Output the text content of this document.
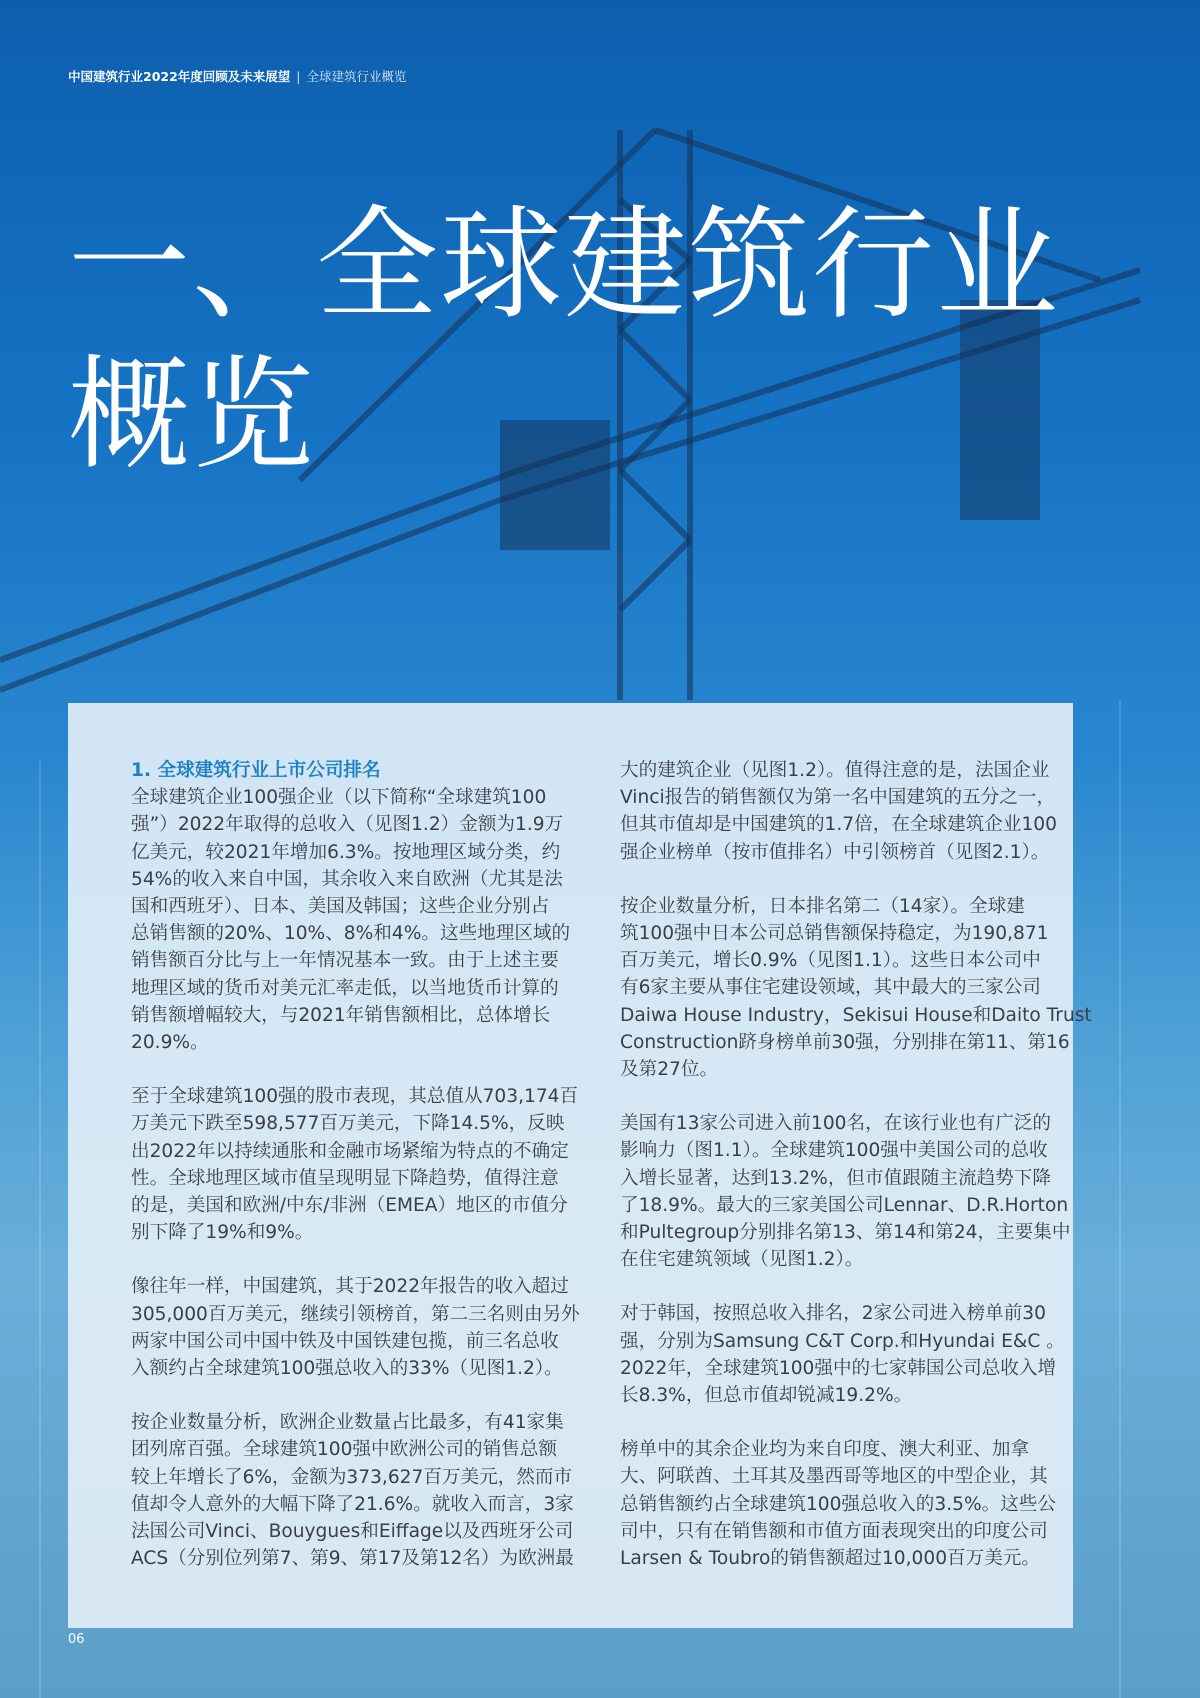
中国建筑行业2022年度回顾及未来展望 | 全球建筑行业概览
一、全球建筑行业
概览
1. 全球建筑行业上市公司排名
全球建筑企业100强企业（以下简称“全球建筑100
强”）2022年取得的总收入（见图1.2）金额为1.9万
亿美元，较2021年增加6.3%。按地理区域分类，约
54%的收入来自中国，其余收入来自欧洲（尤其是法
国和西班牙）、日本、美国及韩国；这些企业分别占
总销售额的20%、10%、8%和4%。这些地理区域的
销售额百分比与上一年情况基本一致。由于上述主要
地理区域的货币对美元汇率走低，以当地货币计算的
销售额增幅较大，与2021年销售额相比，总体增长
20.9%。
至于全球建筑100强的股市表现，其总值从703,174百
万美元下跌至598,577百万美元，下降14.5%，反映
出2022年以持续通胀和金融市场紧缩为特点的不确定
性。全球地理区域市值呈现明显下降趋势，值得注意
的是，美国和欧洲/中东/非洲（EMEA）地区的市值分
别下降了19%和9%。
像往年一样，中国建筑，其于2022年报告的收入超过
305,000百万美元，继续引领榜首，第二三名则由另外
两家中国公司中国中铁及中国铁建包揽，前三名总收
入额约占全球建筑100强总收入的33%（见图1.2）。
按企业数量分析，欧洲企业数量占比最多，有41家集
团列席百强。全球建筑100强中欧洲公司的销售总额
较上年增长了6%，金额为373,627百万美元，然而市
值却令人意外的大幅下降了21.6%。就收入而言，3家
法国公司Vinci、Bouygues和Eiffage以及西班牙公司
ACS（分别位列第7、第9、第17及第12名）为欧洲最
大的建筑企业（见图1.2）。值得注意的是，法国企业
Vinci报告的销售额仅为第一名中国建筑的五分之一，
但其市值却是中国建筑的1.7倍，在全球建筑企业100
强企业榜单（按市值排名）中引领榜首（见图2.1）。
按企业数量分析，日本排名第二（14家）。全球建
筑100强中日本公司总销售额保持稳定，为190,871
百万美元，增长0.9%（见图1.1）。这些日本公司中
有6家主要从事住宅建设领域，其中最大的三家公司
Daiwa House Industry，Sekisui House和Daito Trust
Construction跻身榜单前30强，分别排在第11、第16
及第27位。
美国有13家公司进入前100名，在该行业也有广泛的
影响力（图1.1）。全球建筑100强中美国公司的总收
入增长显著，达到13.2%，但市值跟随主流趋势下降
了18.9%。最大的三家美国公司Lennar、D.R.Horton
和Pultegroup分别排名第13、第14和第24，主要集中
在住宅建筑领域（见图1.2）。
对于韩国，按照总收入排名，2家公司进入榜单前30
强，分别为Samsung C&T Corp.和Hyundai E&C 。
2022年，全球建筑100强中的七家韩国公司总收入增
长8.3%，但总市值却锐减19.2%。
榜单中的其余企业均为来自印度、澳大利亚、加拿
大、阿联酋、土耳其及墨西哥等地区的中型企业，其
总销售额约占全球建筑100强总收入的3.5%。这些公
司中，只有在销售额和市值方面表现突出的印度公司
Larsen & Toubro的销售额超过10,000百万美元。
06
